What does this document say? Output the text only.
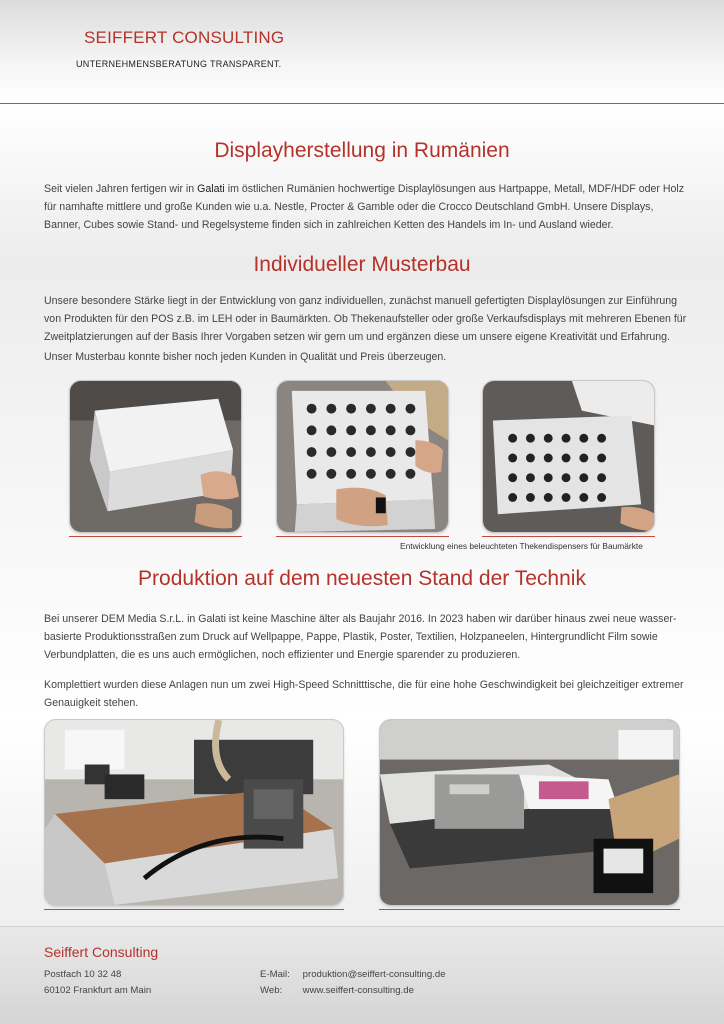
SEIFFERT CONSULTING
UNTERNEHMENSBERATUNG TRANSPARENT.
Displayherstellung in Rumänien

Seit vielen Jahren fertigen wir in Galati im östlichen Rumänien hochwertige Displaylösungen aus Hartpappe, Metall, MDF/HDF oder Holz für namhafte mittlere und große Kunden wie u.a. Nestle, Procter & Gamble oder die Crocco Deutschland GmbH. Unsere Displays, Banner, Cubes sowie Stand- und Regelsysteme finden sich in zahlreichen Ketten des Handels im In- und Ausland wieder.

Individueller Musterbau

Unsere besondere Stärke liegt in der Entwicklung von ganz individuellen, zunächst manuell gefertigten Displaylösungen zur Einführung von Produkten für den POS z.B. im LEH oder in Baumärkten. Ob Thekenaufsteller oder große Verkaufsdisplays mit mehreren Ebenen für Zweitplatzierungen auf der Basis Ihrer Vorgaben setzen wir gern um und ergänzen diese um unsere eigene Kreativität und Erfahrung.

Unser Musterbau konnte bisher noch jeden Kunden in Qualität und Preis überzeugen.

Entwicklung eines beleuchteten Thekendispensers für Baumärkte
Produktion auf dem neuesten Stand der Technik

Bei unserer DEM Media S.r.L. in Galati ist keine Maschine älter als Baujahr 2016. In 2023 haben wir darüber hinaus zwei neue wasser-basierte Produktionsstraßen zum Druck auf Wellpappe, Pappe, Plastik, Poster, Textilien, Holzpaneelen, Hintergrundlicht Film sowie Verbundplatten, die es uns auch ermöglichen, noch effizienter und Energie sparender zu produzieren.

Komplettiert wurden diese Anlagen nun um zwei High-Speed Schnitttische, die für eine hohe Geschwindigkeit bei gleichzeitiger extremer Genauigkeit stehen.

Seiffert Consulting
Postfach 10 32 48
60102 Frankfurt am Main
E-Mail: produktion@seiffert-consulting.de
Web: www.seiffert-consulting.de
